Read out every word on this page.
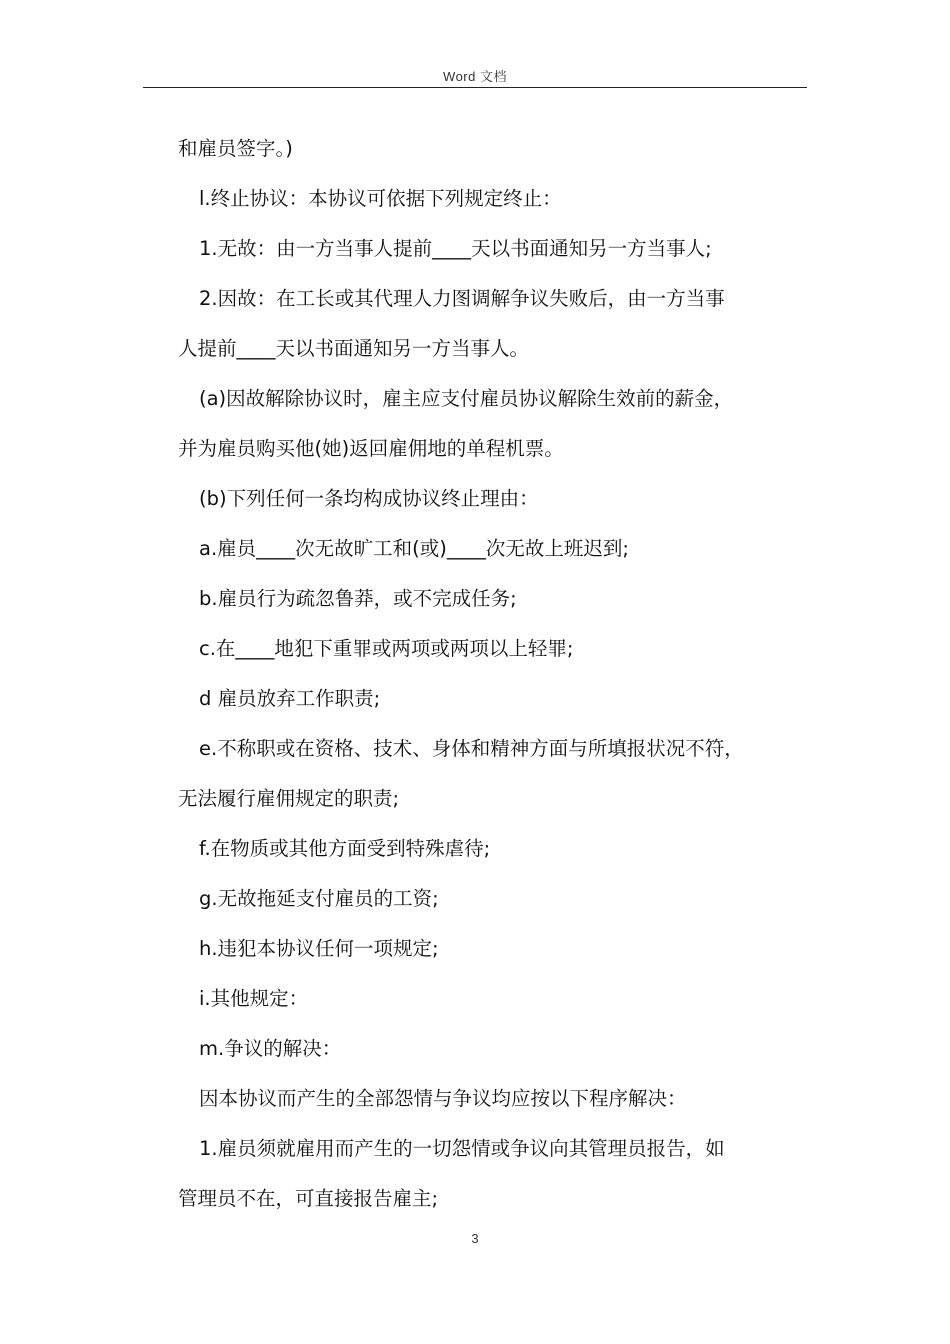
Word 文档

和雇员签字。)

l.终止协议：本协议可依据下列规定终止：

1.无故：由一方当事人提前____天以书面通知另一方当事人;

2.因故：在工长或其代理人力图调解争议失败后，由一方当事

人提前____天以书面通知另一方当事人。

(a)因故解除协议时，雇主应支付雇员协议解除生效前的薪金，

并为雇员购买他(她)返回雇佣地的单程机票。

(b)下列任何一条均构成协议终止理由：

a.雇员____次无故旷工和(或)____次无故上班迟到;

b.雇员行为疏忽鲁莽，或不完成任务;

c.在____地犯下重罪或两项或两项以上轻罪;

d 雇员放弃工作职责;

e.不称职或在资格、技术、身体和精神方面与所填报状况不符，

无法履行雇佣规定的职责;

f.在物质或其他方面受到特殊虐待;

g.无故拖延支付雇员的工资;

h.违犯本协议任何一项规定;

i.其他规定：

m.争议的解决：

因本协议而产生的全部怨情与争议均应按以下程序解决：

1.雇员须就雇用而产生的一切怨情或争议向其管理员报告，如

管理员不在，可直接报告雇主;

3
